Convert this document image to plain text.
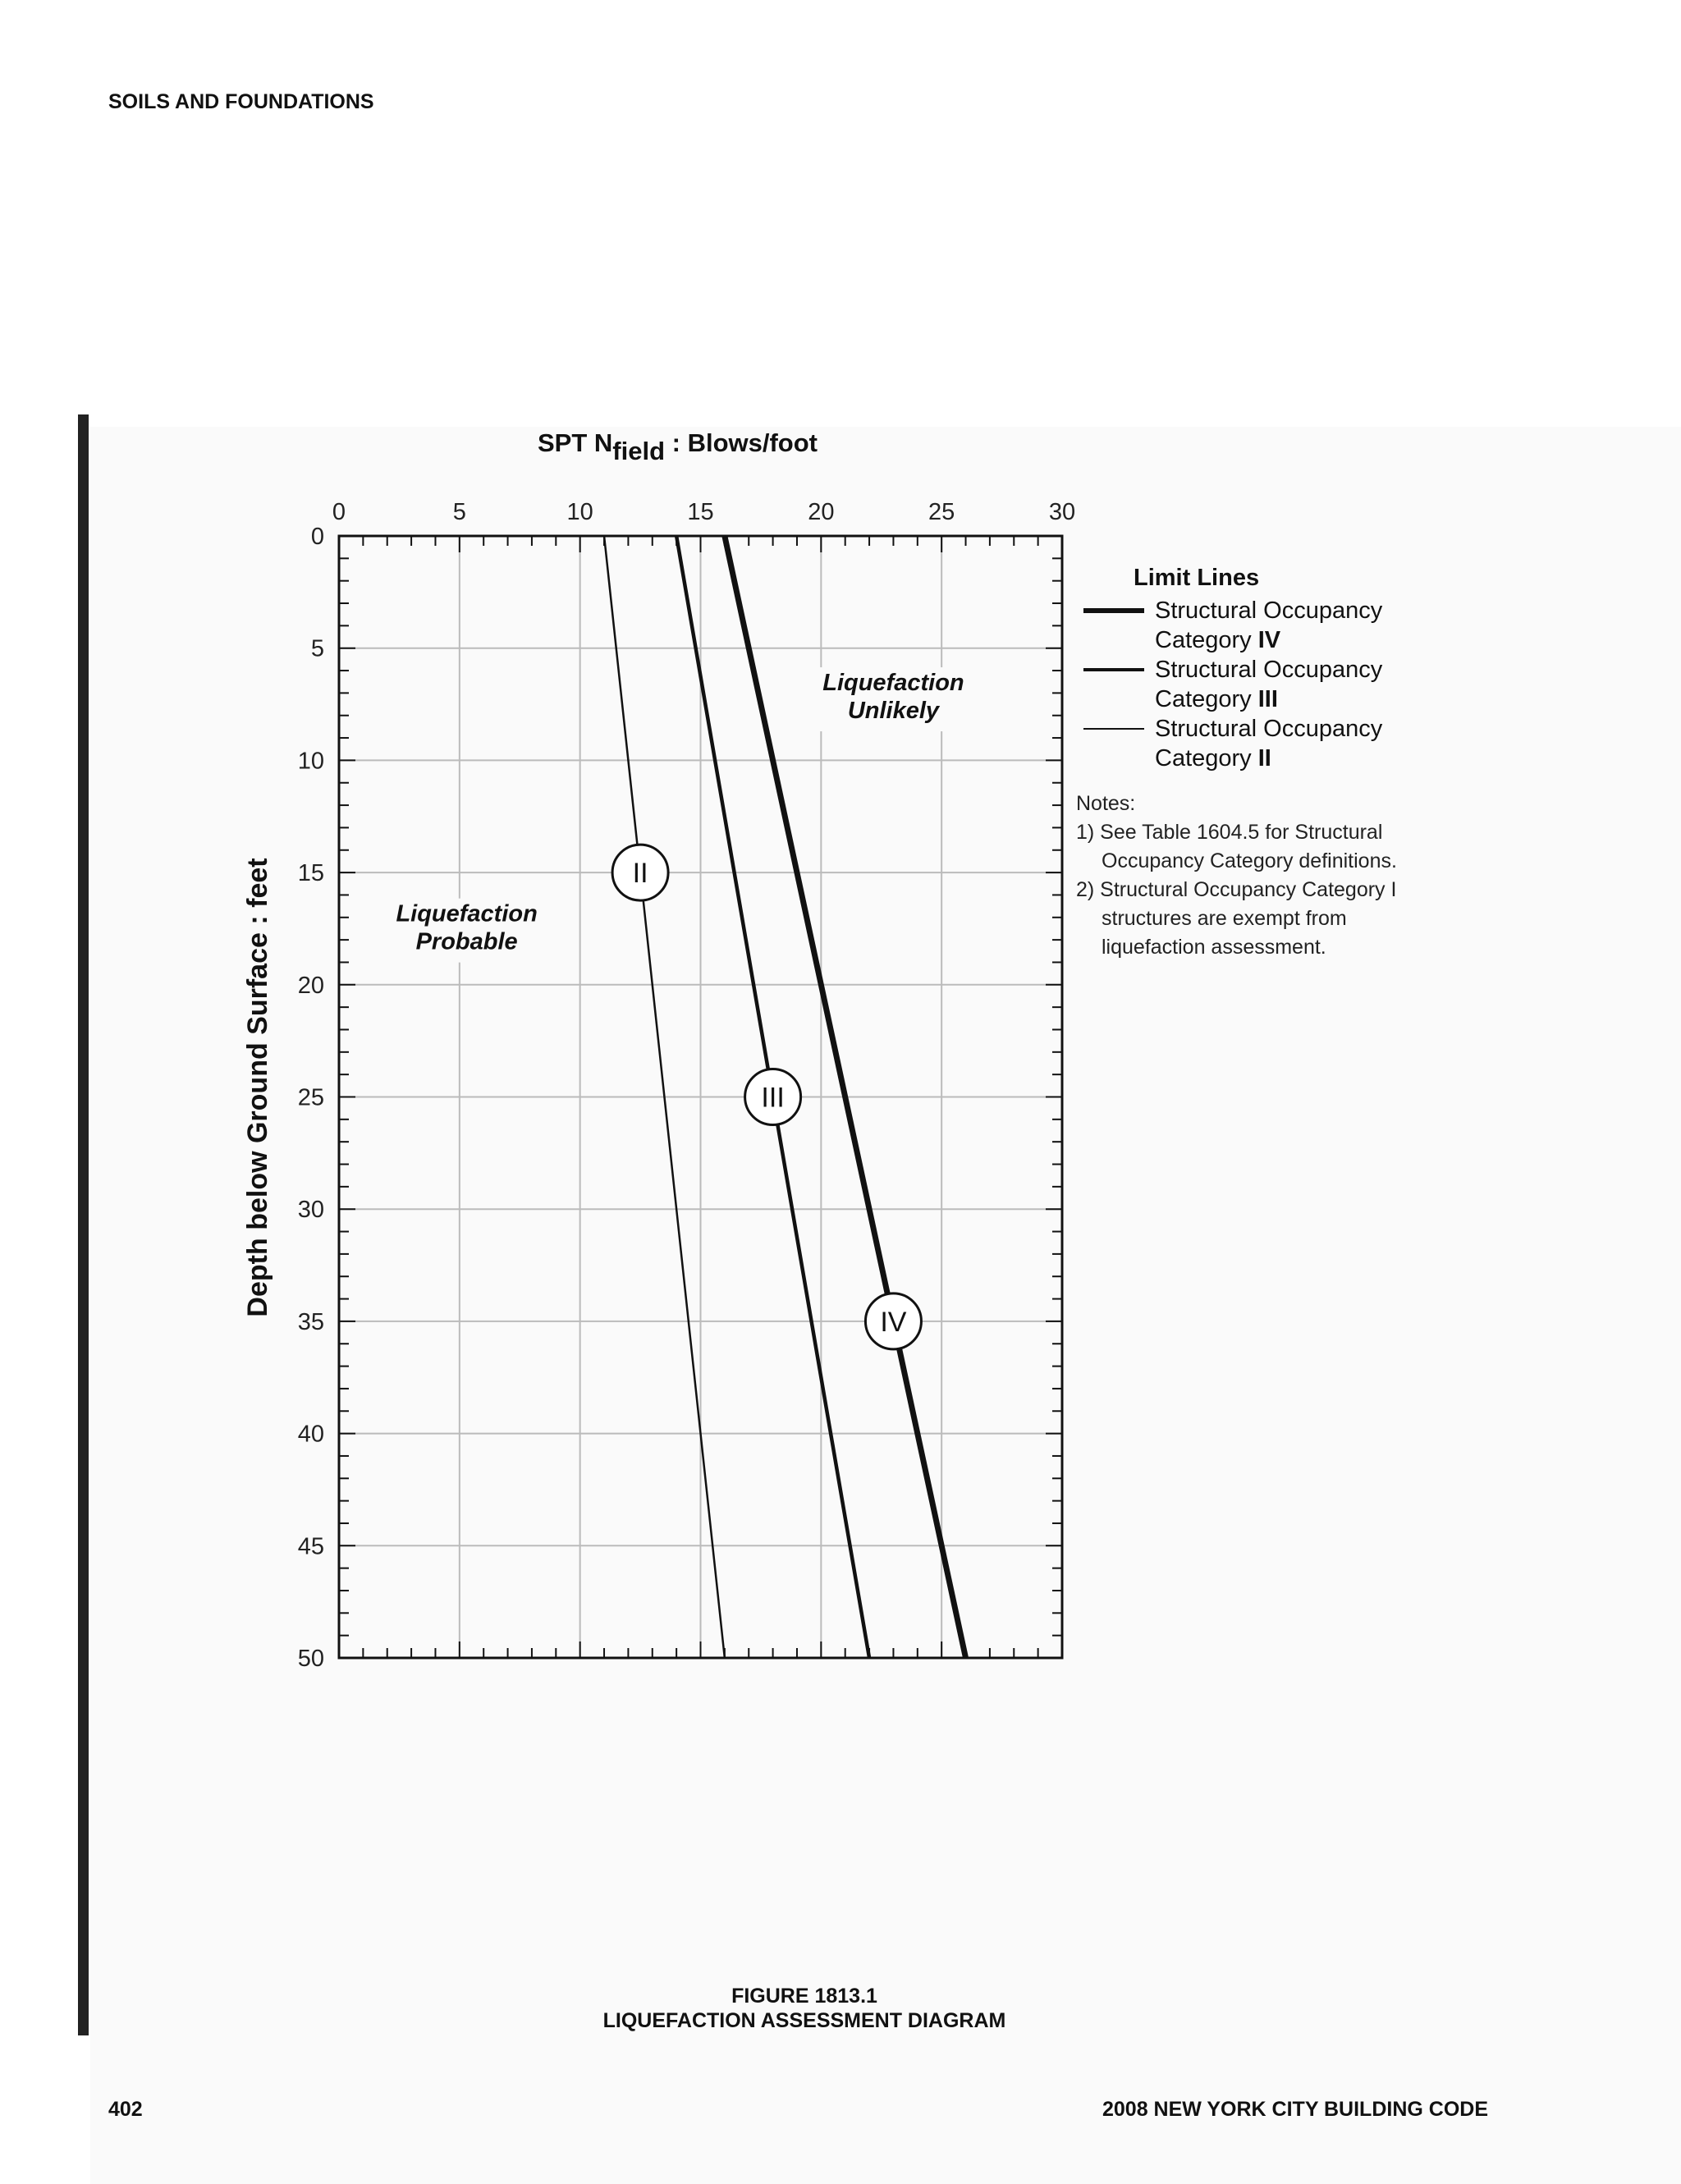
SOILS AND FOUNDATIONS
IV
III
II
0	5	10	15	20	25	30
0
5
10
15
20
25
30
35
40
45
50
Liquefaction
Unlikely
Liquefaction
Probable
SPT Nfield : Blows/foot
Depth below Ground Surface : feet
Limit Lines
Structural Occupancy
Category IV
Structural Occupancy
Category III
Structural Occupancy
Category II
Notes:
1) See Table 1604.5 for Structural
Occupancy Category definitions.
2) Structural Occupancy Category I
structures are exempt from
liquefaction assessment.
FIGURE 1813.1
LIQUEFACTION ASSESSMENT DIAGRAM
402	2008 NEW YORK CITY BUILDING CODE
